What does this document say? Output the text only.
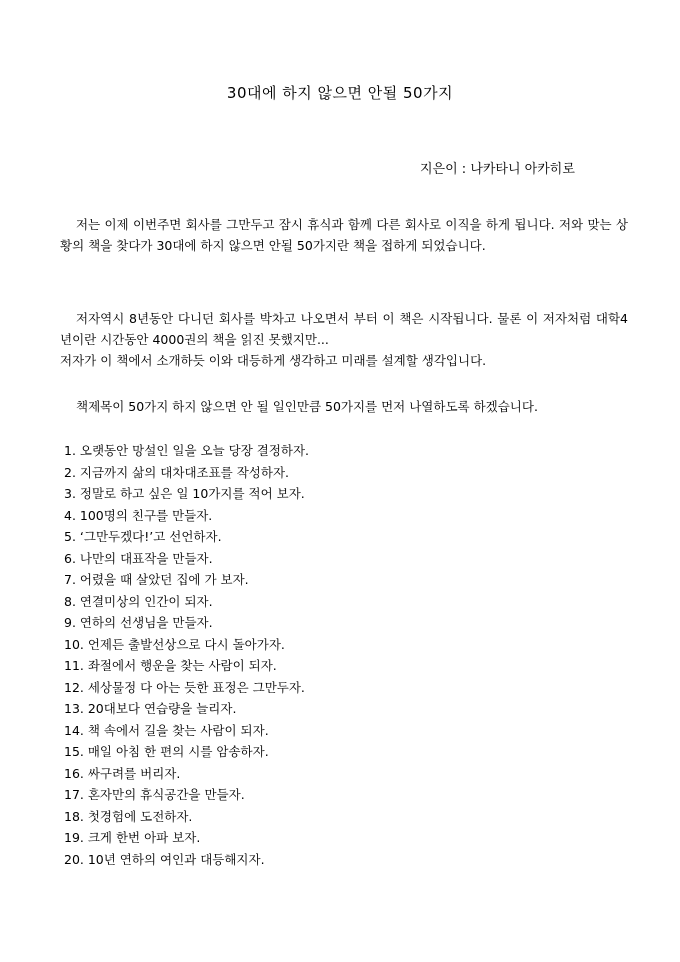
30대에 하지 않으면 안될 50가지
지은이 : 나카타니 아카히로

저는 이제 이번주면 회사를 그만두고 잠시 휴식과 함께 다른 회사로 이직을 하게 됩니다. 저와 맞는 상황의 책을 찾다가 30대에 하지 않으면 안될 50가지란 책을 접하게 되었습니다.

저자역시 8년동안 다니던 회사를 박차고 나오면서 부터 이 책은 시작됩니다. 물론 이 저자처럼 대학4년이란 시간동안 4000권의 책을 읽진 못했지만...
저자가 이 책에서 소개하듯 이와 대등하게 생각하고 미래를 설계할 생각입니다.

책제목이 50가지 하지 않으면 안 될 일인만큼 50가지를 먼저 나열하도록 하겠습니다.

1. 오랫동안 망설인 일을 오늘 당장 결정하자.
2. 지금까지 삶의 대차대조표를 작성하자.
3. 정말로 하고 싶은 일 10가지를 적어 보자.
4. 100명의 친구를 만들자.
5. ‘그만두겠다!’고 선언하자.
6. 나만의 대표작을 만들자.
7. 어렸을 때 살았던 집에 가 보자.
8. 연결미상의 인간이 되자.
9. 연하의 선생님을 만들자.
10. 언제든 출발선상으로 다시 돌아가자.
11. 좌절에서 행운을 찾는 사람이 되자.
12. 세상물정 다 아는 듯한 표정은 그만두자.
13. 20대보다 연습량을 늘리자.
14. 책 속에서 길을 찾는 사람이 되자.
15. 매일 아침 한 편의 시를 암송하자.
16. 싸구려를 버리자.
17. 혼자만의 휴식공간을 만들자.
18. 첫경험에 도전하자.
19. 크게 한번 아파 보자.
20. 10년 연하의 여인과 대등해지자.
